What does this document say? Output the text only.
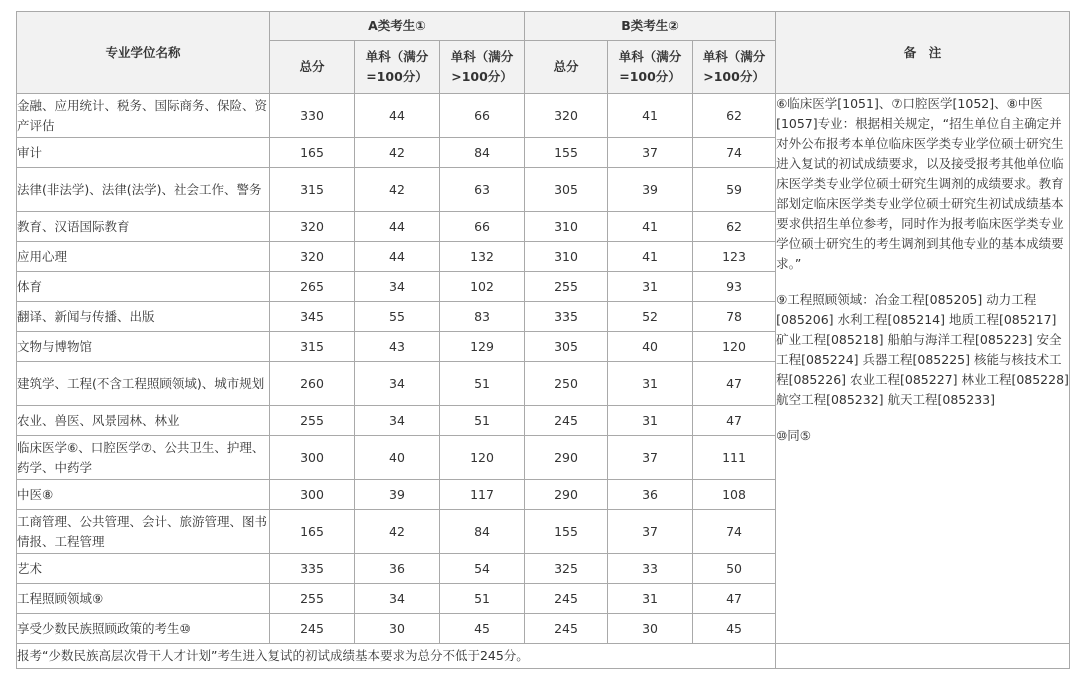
专业学位名称	A类考生①			B类考生②			备　注
	总分	单科（满分=100分）	单科（满分>100分）	总分	单科（满分=100分）	单科（满分>100分）	
金融、应用统计、税务、国际商务、保险、资产评估	330	44	66	320	41	62	⑥临床医学[1051]、⑦口腔医学[1052]、⑧中医[1057]专业：根据相关规定，“招生单位自主确定并对外公布报考本单位临床医学类专业学位硕士研究生进入复试的初试成绩要求，以及接受报考其他单位临床医学类专业学位硕士研究生调剂的成绩要求。教育部划定临床医学类专业学位硕士研究生初试成绩基本要求供招生单位参考，同时作为报考临床医学类专业学位硕士研究生的考生调剂到其他专业的基本成绩要求。”

⑨工程照顾领域：冶金工程[085205] 动力工程[085206] 水利工程[085214] 地质工程[085217] 矿业工程[085218] 船舶与海洋工程[085223] 安全工程[085224] 兵器工程[085225] 核能与核技术工程[085226] 农业工程[085227] 林业工程[085228] 航空工程[085232] 航天工程[085233]

⑩同⑤

审计	165	42	84	155	37	74	
法律(非法学)、法律(法学)、社会工作、警务	315	42	63	305	39	59	
教育、汉语国际教育	320	44	66	310	41	62	
应用心理	320	44	132	310	41	123	
体育	265	34	102	255	31	93	
翻译、新闻与传播、出版	345	55	83	335	52	78	
文物与博物馆	315	43	129	305	40	120	
建筑学、工程(不含工程照顾领域)、城市规划	260	34	51	250	31	47	
农业、兽医、风景园林、林业	255	34	51	245	31	47	
临床医学⑥、口腔医学⑦、公共卫生、护理、药学、中药学	300	40	120	290	37	111	
中医⑧	300	39	117	290	36	108	
工商管理、公共管理、会计、旅游管理、图书情报、工程管理	165	42	84	155	37	74	
艺术	335	36	54	325	33	50	
工程照顾领域⑨	255	34	51	245	31	47	
享受少数民族照顾政策的考生⑩	245	30	45	245	30	45	
报考“少数民族高层次骨干人才计划”考生进入复试的初试成绩基本要求为总分不低于245分。							
